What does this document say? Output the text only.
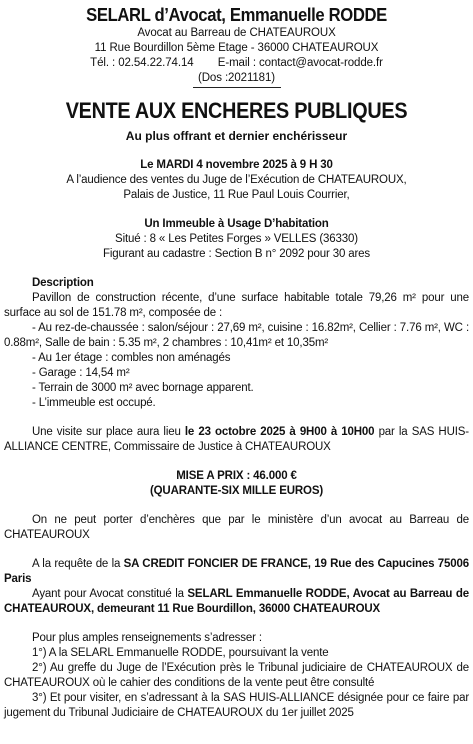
SELARL d’Avocat, Emmanuelle RODDE
Avocat au Barreau de CHATEAUROUX
11 Rue Bourdillon 5ème Etage - 36000 CHATEAUROUX
Tél. : 02.54.22.74.14 E-mail : contact@avocat-rodde.fr
(Dos :2021181)
VENTE AUX ENCHERES PUBLIQUES
Au plus offrant et dernier enchérisseur
Le MARDI 4 novembre 2025 à 9 H 30
A l’audience des ventes du Juge de l’Exécution de CHATEAUROUX,
Palais de Justice, 11 Rue Paul Louis Courrier,
Un Immeuble à Usage D’habitation
Situé : 8 « Les Petites Forges » VELLES (36330)
Figurant au cadastre : Section B n° 2092 pour 30 ares
Description
Pavillon de construction récente, d’une surface habitable totale 79,26 m² pour une surface au sol de 151.78 m², composée de :
- Au rez-de-chaussée : salon/séjour : 27,69 m², cuisine : 16.82m², Cellier : 7.76 m², WC : 0.88m², Salle de bain : 5.35 m², 2 chambres : 10,41m² et 10,35m²
- Au 1er étage : combles non aménagés
- Garage : 14,54 m²
- Terrain de 3000 m² avec bornage apparent.
- L’immeuble est occupé.
Une visite sur place aura lieu le 23 octobre 2025 à 9H00 à 10H00 par la SAS HUIS-ALLIANCE CENTRE, Commissaire de Justice à CHATEAUROUX
MISE A PRIX : 46.000 €
(QUARANTE-SIX MILLE EUROS)
On ne peut porter d’enchères que par le ministère d’un avocat au Barreau de CHATEAUROUX
A la requête de la SA CREDIT FONCIER DE FRANCE, 19 Rue des Capucines 75006 Paris
Ayant pour Avocat constitué la SELARL Emmanuelle RODDE, Avocat au Barreau de CHATEAUROUX, demeurant 11 Rue Bourdillon, 36000 CHATEAUROUX
Pour plus amples renseignements s’adresser :
1°) A la SELARL Emmanuelle RODDE, poursuivant la vente
2°) Au greffe du Juge de l’Exécution près le Tribunal judiciaire de CHATEAUROUX de CHATEAUROUX où le cahier des conditions de la vente peut être consulté
3°) Et pour visiter, en s’adressant à la SAS HUIS-ALLIANCE désignée pour ce faire par jugement du Tribunal Judiciaire de CHATEAUROUX du 1er juillet 2025
